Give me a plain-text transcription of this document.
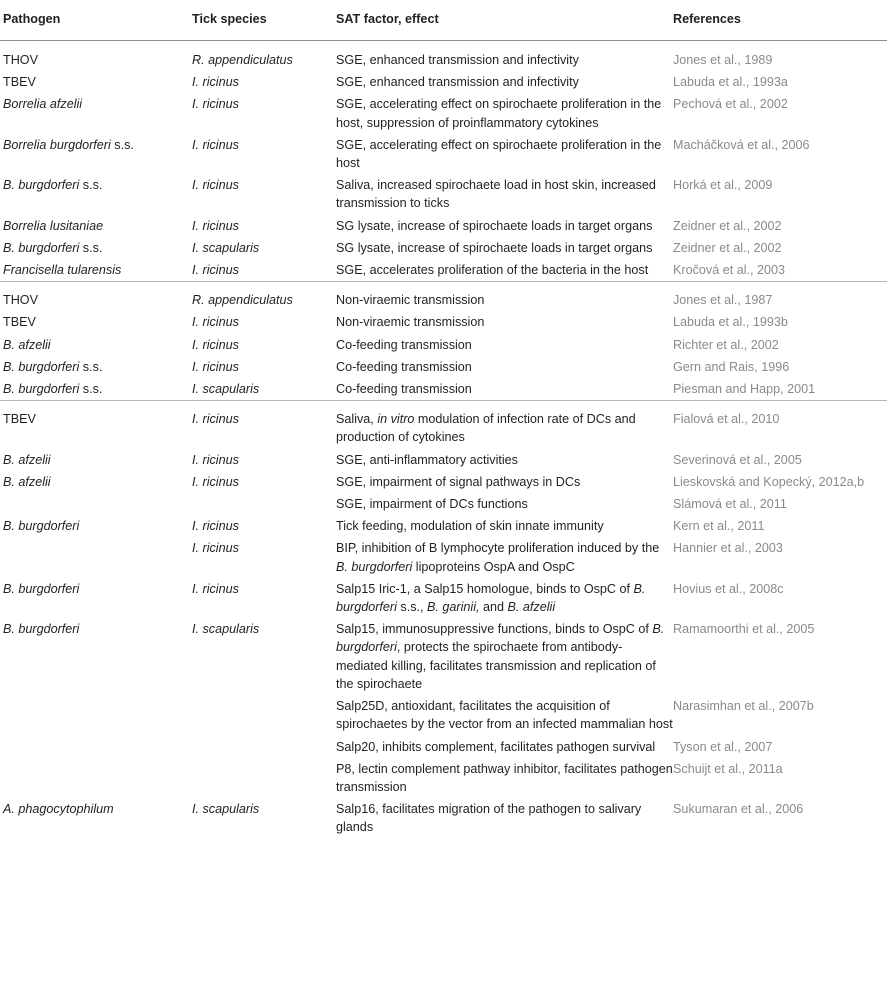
Pathogen	Tick species	SAT factor, effect	References
THOV	R. appendiculatus	SGE, enhanced transmission and infectivity	Jones et al., 1989
TBEV	I. ricinus	SGE, enhanced transmission and infectivity	Labuda et al., 1993a
Borrelia afzelii	I. ricinus	SGE, accelerating effect on spirochaete proliferation in the host, suppression of proinflammatory cytokines	Pechová et al., 2002
Borrelia burgdorferi s.s.	I. ricinus	SGE, accelerating effect on spirochaete proliferation in the host	Macháčková et al., 2006
B. burgdorferi s.s.	I. ricinus	Saliva, increased spirochaete load in host skin, increased transmission to ticks	Horká et al., 2009
Borrelia lusitaniae	I. ricinus	SG lysate, increase of spirochaete loads in target organs	Zeidner et al., 2002
B. burgdorferi s.s.	I. scapularis	SG lysate, increase of spirochaete loads in target organs	Zeidner et al., 2002
Francisella tularensis	I. ricinus	SGE, accelerates proliferation of the bacteria in the host	Kročová et al., 2003
THOV	R. appendiculatus	Non-viraemic transmission	Jones et al., 1987
TBEV	I. ricinus	Non-viraemic transmission	Labuda et al., 1993b
B. afzelii	I. ricinus	Co-feeding transmission	Richter et al., 2002
B. burgdorferi s.s.	I. ricinus	Co-feeding transmission	Gern and Rais, 1996
B. burgdorferi s.s.	I. scapularis	Co-feeding transmission	Piesman and Happ, 2001
TBEV	I. ricinus	Saliva, in vitro modulation of infection rate of DCs and production of cytokines	Fialová et al., 2010
B. afzelii	I. ricinus	SGE, anti-inflammatory activities	Severinová et al., 2005
B. afzelii	I. ricinus	SGE, impairment of signal pathways in DCs	Lieskovská and Kopecký, 2012a,b
		SGE, impairment of DCs functions	Slámová et al., 2011
B. burgdorferi	I. ricinus	Tick feeding, modulation of skin innate immunity	Kern et al., 2011
	I. ricinus	BIP, inhibition of B lymphocyte proliferation induced by the B. burgdorferi lipoproteins OspA and OspC	Hannier et al., 2003
B. burgdorferi	I. ricinus	Salp15 Iric-1, a Salp15 homologue, binds to OspC of B. burgdorferi s.s., B. garinii, and B. afzelii	Hovius et al., 2008c
B. burgdorferi	I. scapularis	Salp15, immunosuppressive functions, binds to OspC of B. burgdorferi, protects the spirochaete from antibody-mediated killing, facilitates transmission and replication of the spirochaete	Ramamoorthi et al., 2005
		Salp25D, antioxidant, facilitates the acquisition of spirochaetes by the vector from an infected mammalian host	Narasimhan et al., 2007b
		Salp20, inhibits complement, facilitates pathogen survival	Tyson et al., 2007
		P8, lectin complement pathway inhibitor, facilitates pathogen transmission	Schuijt et al., 2011a
A. phagocytophilum	I. scapularis	Salp16, facilitates migration of the pathogen to salivary glands	Sukumaran et al., 2006
